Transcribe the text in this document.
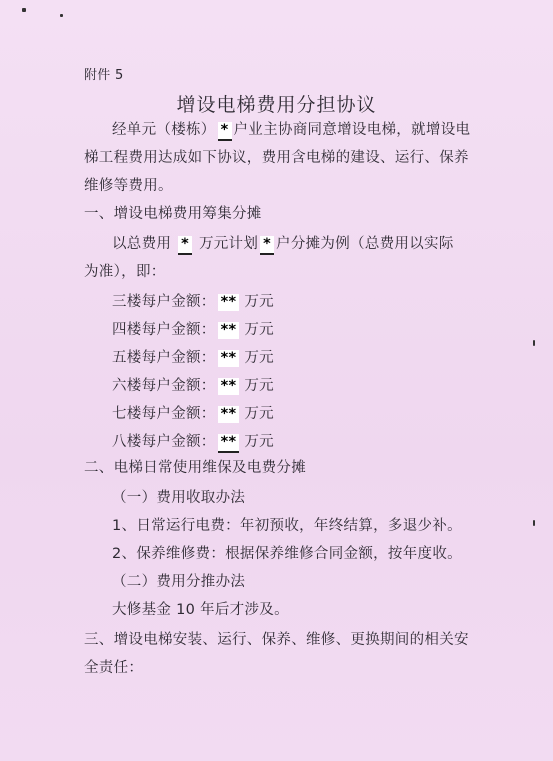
附件 5
增设电梯费用分担协议
经单元（楼栋） * 户业主协商同意增设电梯，就增设电
梯工程费用达成如下协议，费用含电梯的建设、运行、保养
维修等费用。
一、增设电梯费用筹集分摊
以总费用 * 万元计划 * 户分摊为例（总费用以实际
为准），即：
三楼每户金额： ** 万元
四楼每户金额： ** 万元
五楼每户金额： ** 万元
六楼每户金额： ** 万元
七楼每户金额： ** 万元
八楼每户金额： ** 万元
二、电梯日常使用维保及电费分摊
（一）费用收取办法
1、日常运行电费：年初预收，年终结算，多退少补。
2、保养维修费：根据保养维修合同金额，按年度收。
（二）费用分推办法
大修基金 10 年后才涉及。
三、增设电梯安装、运行、保养、维修、更换期间的相关安
全责任：
